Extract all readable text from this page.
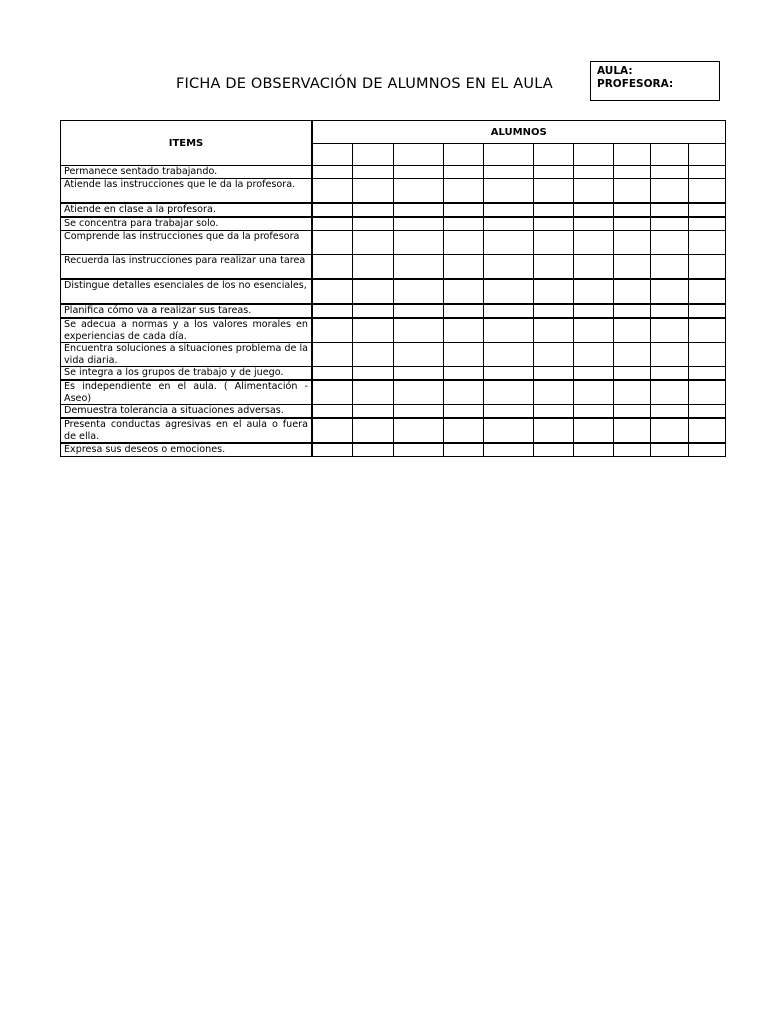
FICHA DE OBSERVACIÓN DE ALUMNOS EN EL AULA
AULA:
PROFESORA:
ITEMS	ALUMNOS									

Permanece sentado trabajando.										
Atiende las instrucciones que le da la profesora.										
Atiende en clase a la profesora.										
Se concentra para trabajar solo.										
Comprende las instrucciones que da la profesora										
Recuerda las instrucciones para realizar una tarea										
Distingue detalles esenciales de los no esenciales,										
Planifica cómo va a realizar sus tareas.										
Se adecua a normas y a los valores morales en experiencias de cada día.										
Encuentra soluciones a situaciones problema de la vida diaria.										
Se integra a los grupos de trabajo y de juego.										
Es independiente en el aula. ( Alimentación - Aseo)										
Demuestra tolerancia a situaciones adversas.										
Presenta conductas agresivas en el aula o fuera de ella.										
Expresa sus deseos o emociones.										
